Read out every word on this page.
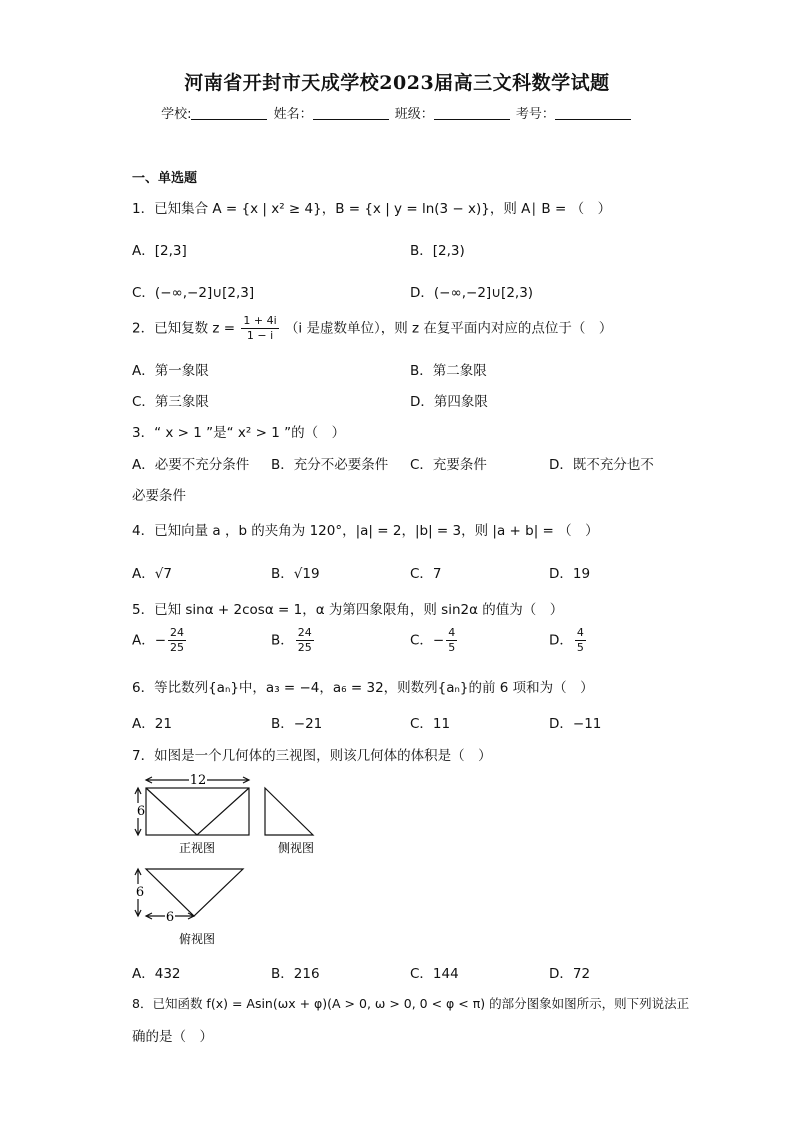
河南省开封市天成学校2023届高三文科数学试题
学校:	姓名：	班级：	考号：
一、单选题
1．已知集合 A = {x | x² ≥ 4}，B = {x | y = ln(3 − x)}，则 A∣ B = （　）
A．[2,3]	B．[2,3)
C．(−∞,−2]∪[2,3]	D．(−∞,−2]∪[2,3)
2．已知复数 $z = \frac{1 + 4i}{1 - i} (i$ 是虚数单位），则 z 在复平面内对应的点位于（　）
A．第一象限	B．第二象限
C．第三象限	D．第四象限
3．“ x > 1 ”是“ x² > 1 ”的（　）
A．必要不充分条件 B．充分不必要条件 C．充要条件	D．既不充分也不
必要条件
4．已知向量 a ，b 的夹角为 120°，|a| = 2，|b| = 3，则 |a + b| = （　）
A．√7	B．√19	C．7	D．19
5．已知 sinα + 2cosα = 1，α 为第四象限角，则 sin2α 的值为（　）
A．− $\frac{24}{25}$	B． $\frac{24}{25}$	C．− $\frac{4}{5}$	D． $\frac{4}{5}$
6．等比数列{aₙ}中，a₃ = −4，a₆ = 32，则数列{aₙ}的前 6 项和为（　）
A．21	B．−21	C．11	D．−11
7．如图是一个几何体的三视图，则该几何体的体积是（　）
12
6
正视图	侧视图
6
6
俯视图
A．432	B．216	C．144	D．72
8．已知函数 f(x) = Asin(ωx + φ)(A > 0, ω > 0, 0 < φ < π) 的部分图象如图所示，则下列说法正
确的是（　）
